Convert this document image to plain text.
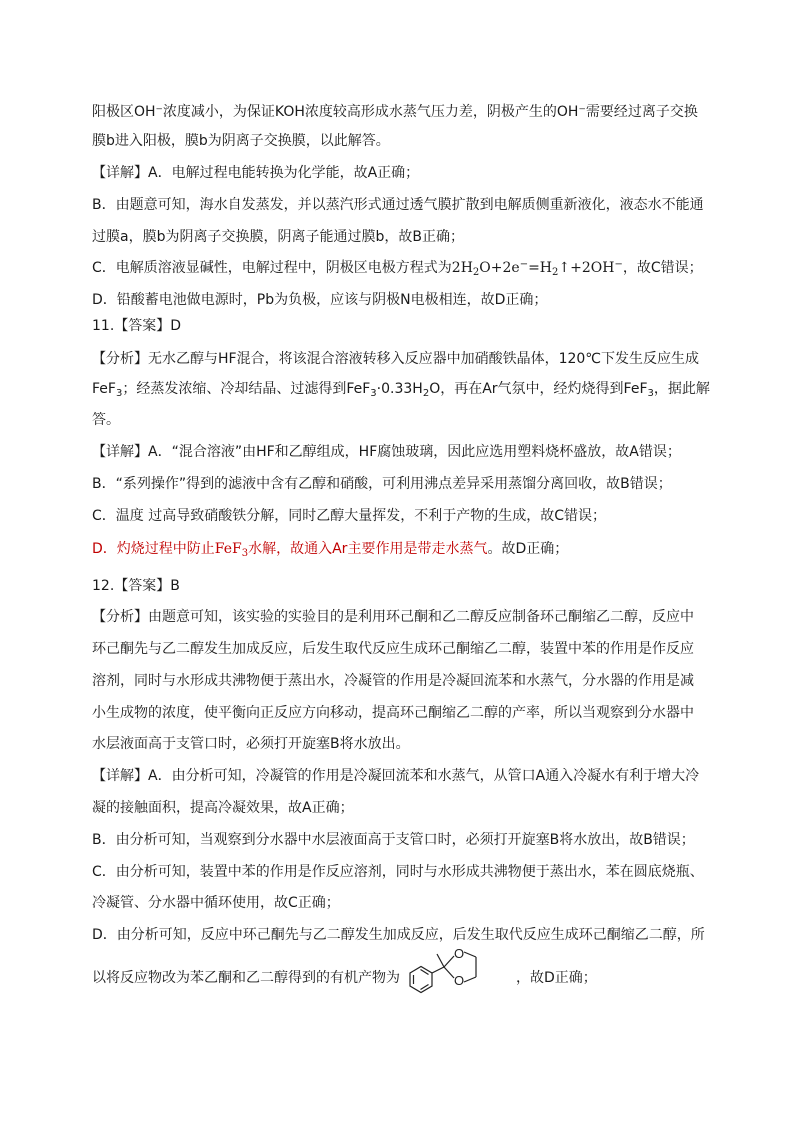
阳极区OH⁻浓度减小，为保证KOH浓度较高形成水蒸气压力差，阴极产生的OH⁻需要经过离子交换
膜b进入阳极，膜b为阴离子交换膜，以此解答。
【详解】A．电解过程电能转换为化学能，故A正确；
B．由题意可知，海水自发蒸发，并以蒸汽形式通过透气膜扩散到电解质侧重新液化，液态水不能通
过膜a，膜b为阴离子交换膜，阴离子能通过膜b，故B正确；
C．电解质溶液显碱性，电解过程中，阴极区电极方程式为$2H_2O+2e^-=H_2↑+2OH^-$，故C错误；
D．铅酸蓄电池做电源时，Pb为负极，应该与阴极N电极相连，故D正确；
11.【答案】D
【分析】无水乙醇与HF混合，将该混合溶液转移入反应器中加硝酸铁晶体，120℃下发生反应生成
FeF$_3$；经蒸发浓缩、冷却结晶、过滤得到$FeF_3\cdot 0.33H_2O$，再在Ar气氛中，经灼烧得到FeF$_3$，据此解
答。
【详解】A．“混合溶液”由HF和乙醇组成，HF腐蚀玻璃，因此应选用塑料烧杯盛放，故A错误；
B．“系列操作”得到的滤液中含有乙醇和硝酸，可利用沸点差异采用蒸馏分离回收，故B错误；
C．温度 过高导致硝酸铁分解，同时乙醇大量挥发，不利于产物的生成，故C错误；
D．灼烧过程中防止FeF$_3$水解，故通入Ar主要作用是带走水蒸气。故D正确；
12.【答案】B
【分析】由题意可知，该实验的实验目的是利用环己酮和乙二醇反应制备环己酮缩乙二醇，反应中
环己酮先与乙二醇发生加成反应，后发生取代反应生成环己酮缩乙二醇，装置中苯的作用是作反应
溶剂，同时与水形成共沸物便于蒸出水，冷凝管的作用是冷凝回流苯和水蒸气，分水器的作用是减
小生成物的浓度，使平衡向正反应方向移动，提高环己酮缩乙二醇的产率，所以当观察到分水器中
水层液面高于支管口时，必须打开旋塞B将水放出。
【详解】A．由分析可知，冷凝管的作用是冷凝回流苯和水蒸气，从管口A通入冷凝水有利于增大冷
凝的接触面积，提高冷凝效果，故A正确；
B．由分析可知，当观察到分水器中水层液面高于支管口时，必须打开旋塞B将水放出，故B错误；
C．由分析可知，装置中苯的作用是作反应溶剂，同时与水形成共沸物便于蒸出水，苯在圆底烧瓶、
冷凝管、分水器中循环使用，故C正确；
D．由分析可知，反应中环己酮先与乙二醇发生加成反应，后发生取代反应生成环己酮缩乙二醇，所
以将反应物改为苯乙酮和乙二醇得到的有机产物为	，故D正确；
O
O
